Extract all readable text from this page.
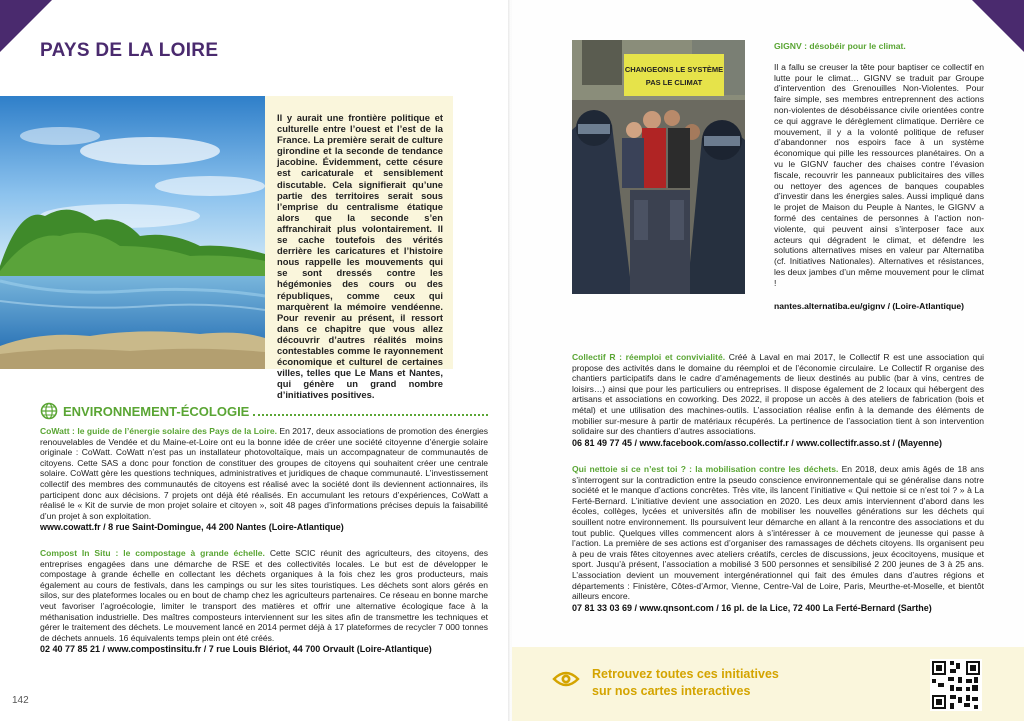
PAYS DE LA LOIRE

Il y aurait une frontière politique et culturelle entre l’ouest et l’est de la France. La première serait de culture girondine et la seconde de tendance jacobine. Évidemment, cette césure est caricaturale et sensiblement discutable. Cela signifierait qu’une partie des territoires serait sous l’emprise du centralisme étatique alors que la seconde s’en affranchirait plus volontairement. Il se cache toutefois des vérités derrière les caricatures et l’histoire nous rappelle les mouvements qui se sont dressés contre les hégémonies des cours ou des républiques, comme ceux qui marquèrent la mémoire vendéenne. Pour revenir au présent, il ressort dans ce chapitre que vous allez découvrir d’autres réalités moins contestables comme le rayonnement économique et culturel de certaines villes, telles que Le Mans et Nantes, qui génère un grand nombre d’initiatives positives.

ENVIRONNEMENT-ÉCOLOGIE
CoWatt : le guide de l’énergie solaire des Pays de la Loire. En 2017, deux associations de promotion des énergies renouvelables de Vendée et du Maine-et-Loire ont eu la bonne idée de créer une société citoyenne d’énergie solaire originale : CoWatt. CoWatt n’est pas un installateur photovoltaïque, mais un accompagnateur de communautés de citoyens. Cette SAS a donc pour fonction de constituer des groupes de citoyens qui souhaitent créer une centrale solaire. CoWatt gère les questions techniques, administratives et juridiques de chaque communauté. L’investissement collectif des membres des communautés de citoyens est réalisé avec la société dont ils deviennent actionnaires, ils participent donc aux décisions. 7 projets ont déjà été réalisés. En accumulant les retours d’expériences, CoWatt a réalisé le « Kit de survie de mon projet solaire et citoyen », soit 48 pages d’informations précises depuis la faisabilité d’un projet à son exploitation.
www.cowatt.fr / 8 rue Saint-Domingue, 44 200 Nantes (Loire-Atlantique)
Compost In Situ : le compostage à grande échelle. Cette SCIC réunit des agriculteurs, des citoyens, des entreprises engagées dans une démarche de RSE et des collectivités locales. Le but est de développer le compostage à grande échelle en collectant les déchets organiques à la fois chez les gros producteurs, mais également au cours de festivals, dans les campings ou sur les sites touristiques. Les déchets sont alors gérés en silos, sur des plateformes locales ou en bout de champ chez les agriculteurs partenaires. Ce réseau en bonne marche veut favoriser l’agroécologie, limiter le transport des matières et offrir une alternative écologique face à la méthanisation industrielle. Des maîtres composteurs interviennent sur les sites afin de transmettre les techniques et gérer le traitement des déchets. Le mouvement lancé en 2014 permet déjà à 17 plateformes de recycler 7 000 tonnes de déchets annuels. 16 équivalents temps plein ont été créés.
02 40 77 85 21 / www.compostinsitu.fr / 7 rue Louis Blériot, 44 700 Orvault (Loire-Atlantique)
142
CHANGEONS LE SYSTÈME
PAS LE CLIMAT
GIGNV : désobéir pour le climat.
Il a fallu se creuser la tête pour baptiser ce collectif en lutte pour le climat… GIGNV se traduit par Groupe d’intervention des Grenouilles Non-Violentes. Pour faire simple, ses membres entreprennent des actions non-violentes de désobéissance civile orientées contre ce qui aggrave le dérèglement climatique. Derrière ce mouvement, il y a la volonté politique de refuser d’abandonner nos espoirs face à un système économique qui pille les ressources planétaires. On a vu le GIGNV faucher des chaises contre l’évasion fiscale, recouvrir les panneaux publicitaires des villes ou nettoyer des agences de banques coupables d’investir dans les énergies sales. Aussi impliqué dans le projet de Maison du Peuple à Nantes, le GIGNV a formé des centaines de personnes à l’action non-violente, qui peuvent ainsi s’interposer face aux acteurs qui dégradent le climat, et défendre les solutions alternatives mises en valeur par Alternatiba (cf. Initiatives Nationales). Alternatives et résistances, les deux jambes d’un même mouvement pour le climat !
nantes.alternatiba.eu/gignv / (Loire-Atlantique)
Collectif R : réemploi et convivialité. Créé à Laval en mai 2017, le Collectif R est une association qui propose des activités dans le domaine du réemploi et de l’économie circulaire. Le Collectif R organise des chantiers participatifs dans le cadre d’aménagements de lieux destinés au public (bar à vins, centres de loisirs…) ainsi que pour les particuliers ou entreprises. Il dispose également de 2 locaux qui hébergent des artisans et associations en coworking. Des 2022, il propose un accès à des ateliers de fabrication (bois et métal) et une utilisation des machines-outils. L’association réalise enfin à la demande des éléments de mobilier sur-mesure à partir de matériaux récupérés. La pertinence de l’association tient à son intervention solidaire sur des chantiers d’autres associations.
06 81 49 77 45 / www.facebook.com/asso.collectif.r / www.collectifr.asso.st / (Mayenne)
Qui nettoie si ce n’est toi ? : la mobilisation contre les déchets. En 2018, deux amis âgés de 18 ans s’interrogent sur la contradiction entre la pseudo conscience environnementale qui se généralise dans notre société et le manque d’actions concrètes. Très vite, ils lancent l’initiative « Qui nettoie si ce n’est toi ? » à La Ferté-Bernard. L’initiative devient une association en 2020. Les deux amis interviennent d’abord dans les écoles, collèges, lycées et universités afin de mobiliser les nouvelles générations sur les déchets qui souillent notre environnement. Ils poursuivent leur démarche en allant à la rencontre des associations et du tout public. Quelques villes commencent alors à s’intéresser à ce mouvement de jeunesse qui passe à l’action. La première de ses actions est d’organiser des ramassages de déchets citoyens. Ils organisent peu à peu de vrais fêtes citoyennes avec ateliers créatifs, cercles de discussions, jeux écocitoyens, musique et sport. Jusqu’à présent, l’association a mobilisé 3 500 personnes et sensibilisé 2 200 jeunes de 3 à 25 ans. L’association devient un mouvement intergénérationnel qui fait des émules dans d’autres régions et départements : Finistère, Côtes-d’Armor, Vienne, Centre-Val de Loire, Paris, Meurthe-et-Moselle, et bientôt ailleurs encore.
07 81 33 03 69 / www.qnsont.com / 16 pl. de la Lice, 72 400 La Ferté-Bernard (Sarthe)
Retrouvez toutes ces initiatives
sur nos cartes interactives
